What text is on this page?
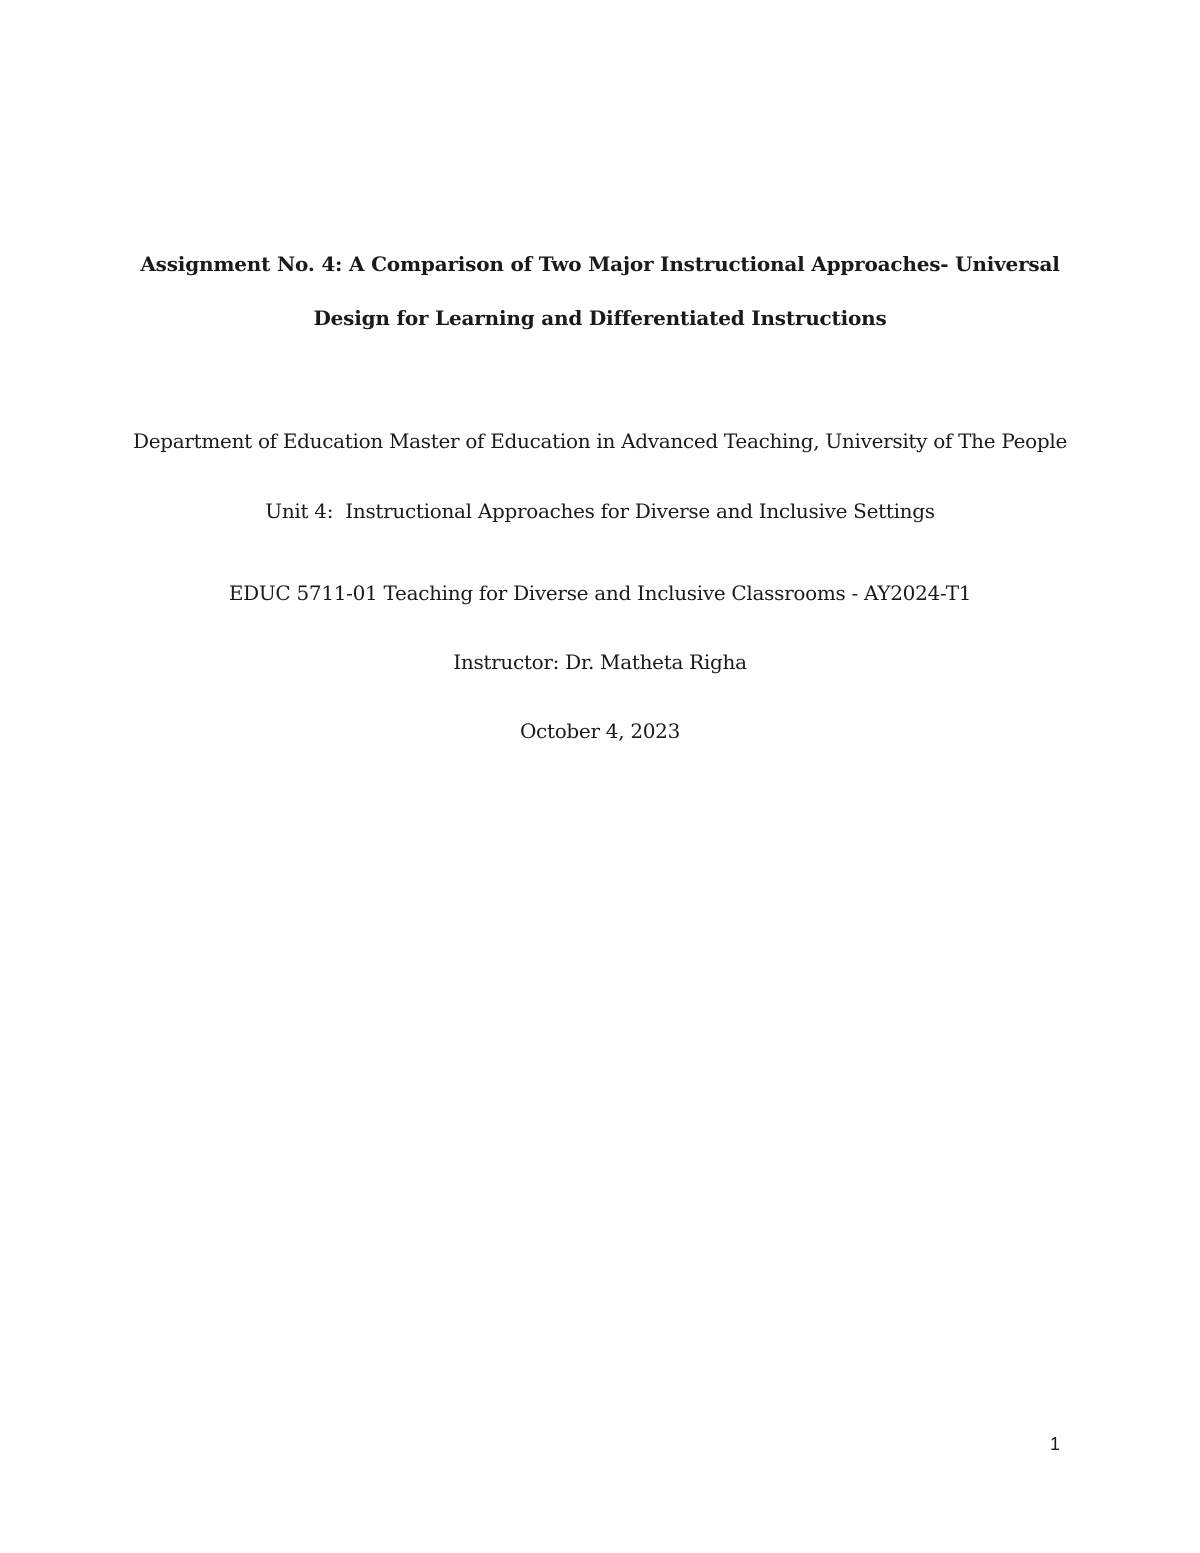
Assignment No. 4: A Comparison of Two Major Instructional Approaches- Universal
Design for Learning and Differentiated Instructions
Department of Education Master of Education in Advanced Teaching, University of The People
Unit 4:  Instructional Approaches for Diverse and Inclusive Settings
EDUC 5711-01 Teaching for Diverse and Inclusive Classrooms - AY2024-T1
Instructor: Dr. Matheta Righa
October 4, 2023
1
